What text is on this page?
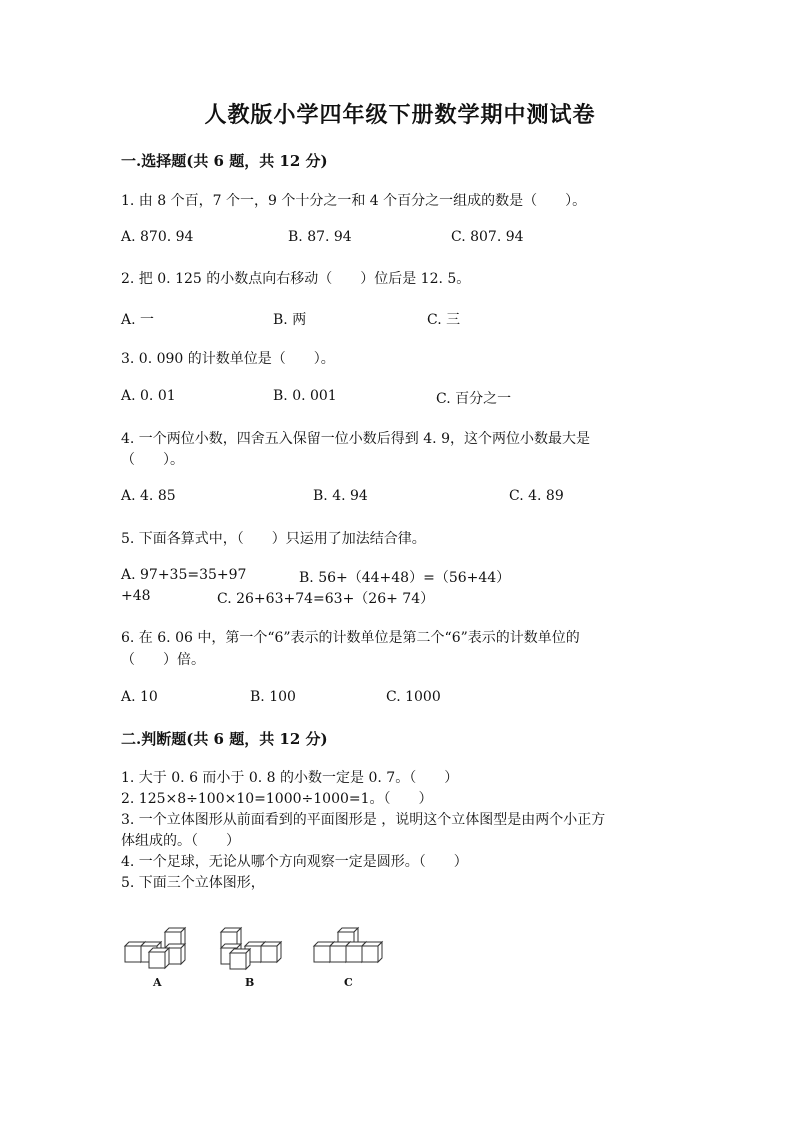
人教版小学四年级下册数学期中测试卷
一.选择题(共 6 题，共 12 分)
1. 由 8 个百，7 个一，9 个十分之一和 4 个百分之一组成的数是（　　）。
A. 870. 94	B. 87. 94	C. 807. 94
2. 把 0. 125 的小数点向右移动（　　）位后是 12. 5。
A. 一	B. 两	C. 三
3. 0. 090 的计数单位是（　　）。
A. 0. 01	B. 0. 001	C. 百分之一
4. 一个两位小数，四舍五入保留一位小数后得到 4. 9，这个两位小数最大是
（　　）。
A. 4. 85	B. 4. 94	C. 4. 89
5. 下面各算式中，（　　）只运用了加法结合律。
A. 97+35=35+97	B. 56+（44+48）=（56+44）
+48	C. 26+63+74=63+（26+ 74）
6. 在 6. 06 中，第一个“6”表示的计数单位是第二个“6”表示的计数单位的
（　　）倍。
A. 10	B. 100	C. 1000
二.判断题(共 6 题，共 12 分)
1. 大于 0. 6 而小于 0. 8 的小数一定是 0. 7。（　　）
2. 125×8÷100×10=1000÷1000=1。（　　）
3. 一个立体图形从前面看到的平面图形是 ，说明这个立体图型是由两个小正方
体组成的。（　　）
4. 一个足球，无论从哪个方向观察一定是圆形。（　　）
5. 下面三个立体图形，
A	B	C
